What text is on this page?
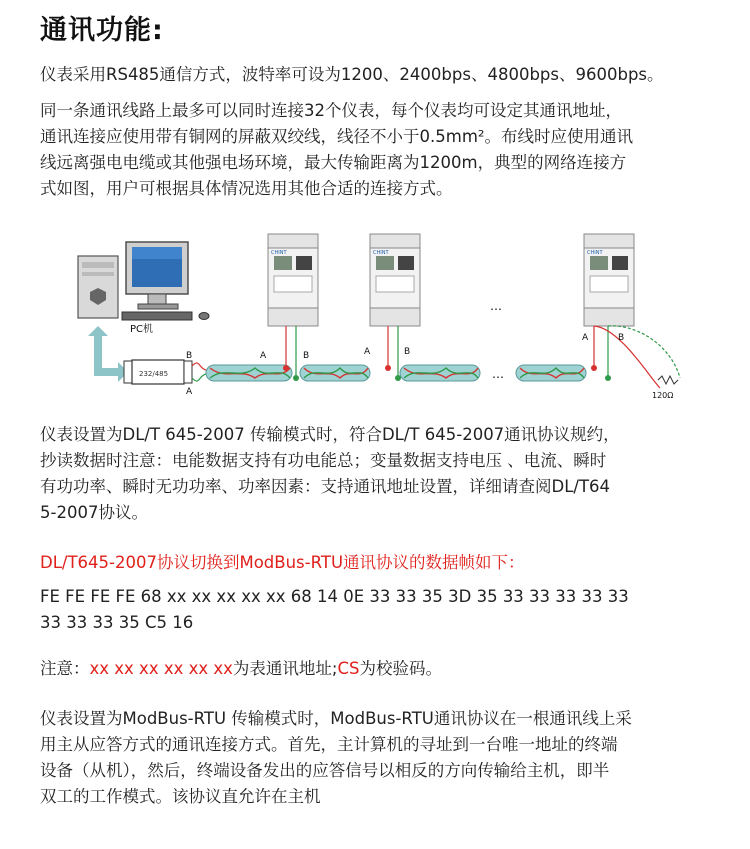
通讯功能:
仪表采用RS485通信方式，波特率可设为1200、2400bps、4800bps、9600bps。
同一条通讯线路上最多可以同时连接32个仪表，每个仪表均可设定其通讯地址，
通讯连接应使用带有铜网的屏蔽双绞线，线径不小于0.5mm²。布线时应使用通讯
线远离强电电缆或其他强电场环境，最大传输距离为1200m，典型的网络连接方
式如图，用户可根据具体情况选用其他合适的连接方式。
PC机
232/485
B
A
CHINT
A	B
CHINT
A	B
…
…
CHINT
A	B
120Ω
仪表设置为DL/T 645-2007 传输模式时，符合DL/T 645-2007通讯协议规约，
抄读数据时注意：电能数据支持有功电能总；变量数据支持电压 、电流、瞬时
有功功率、瞬时无功功率、功率因素：支持通讯地址设置，详细请查阅DL/T64
5-2007协议。
DL/T645-2007协议切换到ModBus-RTU通讯协议的数据帧如下：
FE FE FE FE 68 xx xx xx xx xx 68 14 0E 33 33 35 3D 35 33 33 33 33 33
33 33 33 35 C5 16
注意：xx xx xx xx xx xx为表通讯地址;CS为校验码。
仪表设置为ModBus-RTU 传输模式时，ModBus-RTU通讯协议在一根通讯线上采
用主从应答方式的通讯连接方式。首先，主计算机的寻址到一台唯一地址的终端
设备（从机），然后，终端设备发出的应答信号以相反的方向传输给主机，即半
双工的工作模式。该协议直允许在主机
